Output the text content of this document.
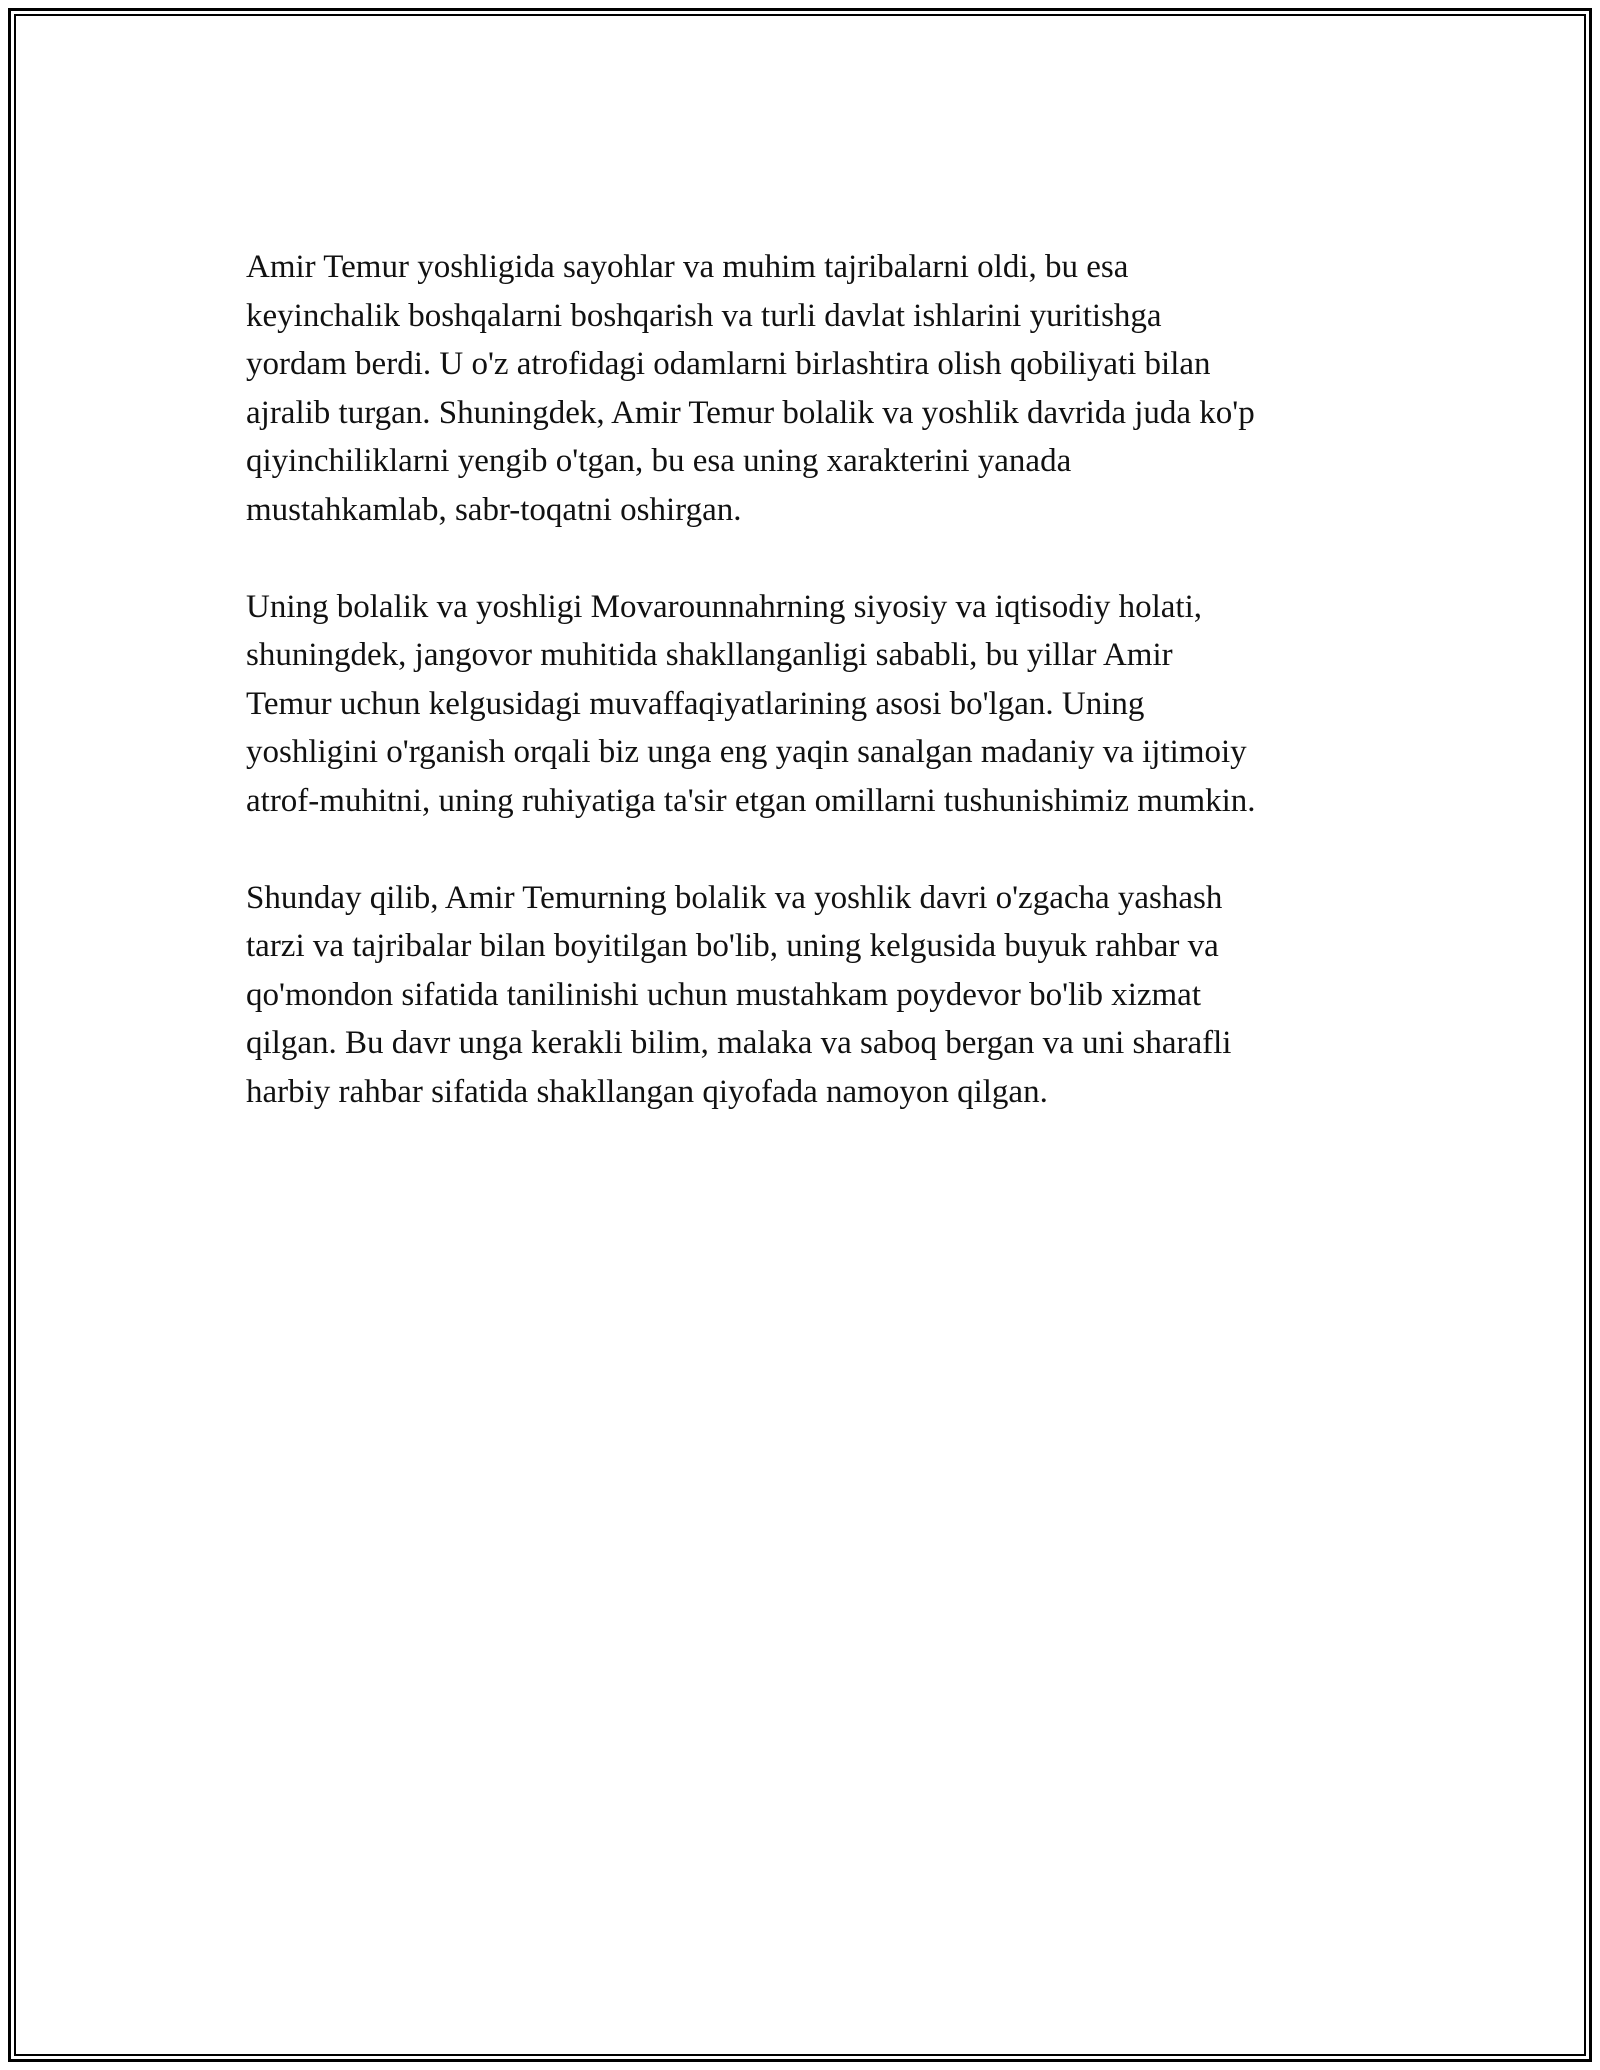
Amir Temur yoshligida sayohlar va muhim tajribalarni oldi, bu esa
keyinchalik boshqalarni boshqarish va turli davlat ishlarini yuritishga
yordam berdi. U o'z atrofidagi odamlarni birlashtira olish qobiliyati bilan
ajralib turgan. Shuningdek, Amir Temur bolalik va yoshlik davrida juda ko'p
qiyinchiliklarni yengib o'tgan, bu esa uning xarakterini yanada
mustahkamlab, sabr-toqatni oshirgan.

Uning bolalik va yoshligi Movarounnahrning siyosiy va iqtisodiy holati,
shuningdek, jangovor muhitida shakllanganligi sababli, bu yillar Amir
Temur uchun kelgusidagi muvaffaqiyatlarining asosi bo'lgan. Uning
yoshligini o'rganish orqali biz unga eng yaqin sanalgan madaniy va ijtimoiy
atrof-muhitni, uning ruhiyatiga ta'sir etgan omillarni tushunishimiz mumkin.

Shunday qilib, Amir Temurning bolalik va yoshlik davri o'zgacha yashash
tarzi va tajribalar bilan boyitilgan bo'lib, uning kelgusida buyuk rahbar va
qo'mondon sifatida tanilinishi uchun mustahkam poydevor bo'lib xizmat
qilgan. Bu davr unga kerakli bilim, malaka va saboq bergan va uni sharafli
harbiy rahbar sifatida shakllangan qiyofada namoyon qilgan.
